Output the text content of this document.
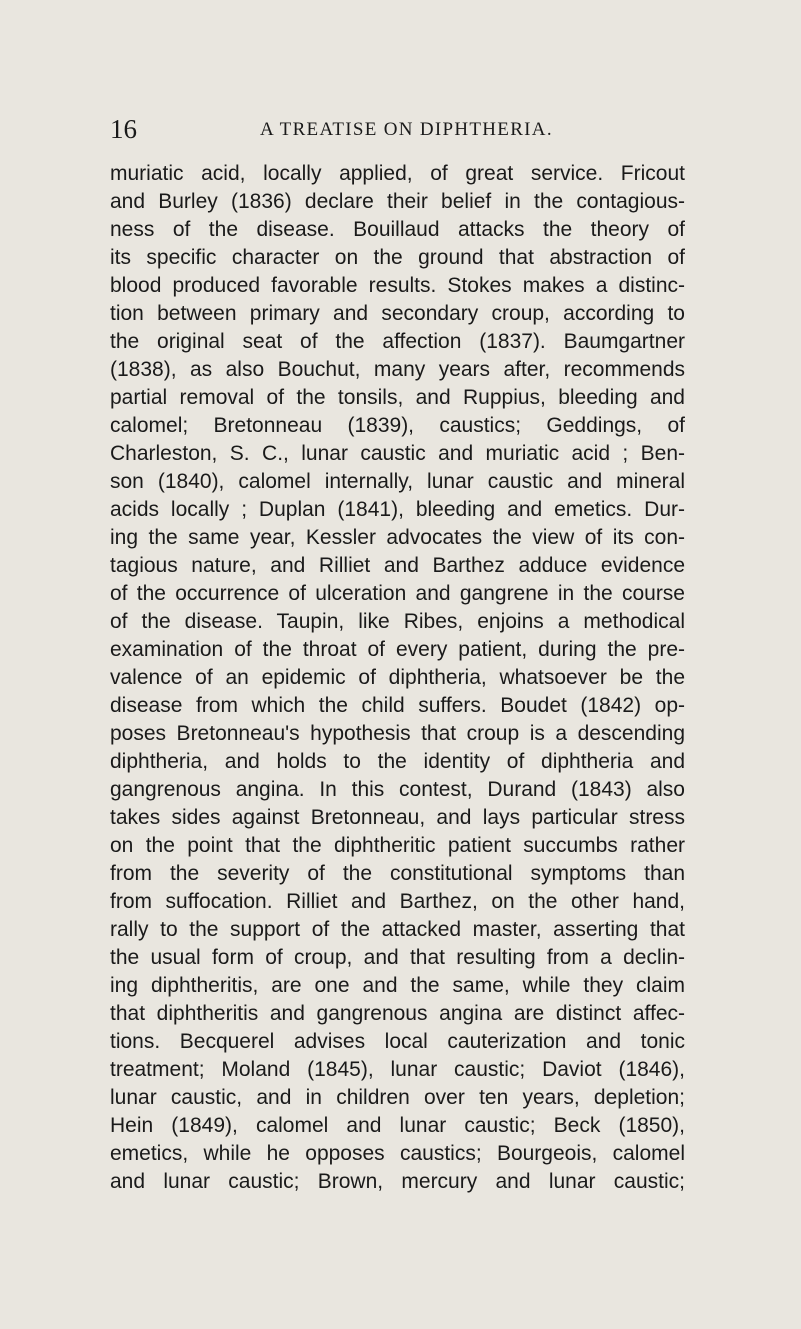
16	A TREATISE ON DIPHTHERIA.
muriatic acid, locally applied, of great service. Fricout
and Burley (1836) declare their belief in the contagious-
ness of the disease. Bouillaud attacks the theory of
its specific character on the ground that abstraction of
blood produced favorable results. Stokes makes a distinc-
tion between primary and secondary croup, according to
the original seat of the affection (1837). Baumgartner
(1838), as also Bouchut, many years after, recommends
partial removal of the tonsils, and Ruppius, bleeding and
calomel; Bretonneau (1839), caustics; Geddings, of
Charleston, S. C., lunar caustic and muriatic acid ; Ben-
son (1840), calomel internally, lunar caustic and mineral
acids locally ; Duplan (1841), bleeding and emetics. Dur-
ing the same year, Kessler advocates the view of its con-
tagious nature, and Rilliet and Barthez adduce evidence
of the occurrence of ulceration and gangrene in the course
of the disease. Taupin, like Ribes, enjoins a methodical
examination of the throat of every patient, during the pre-
valence of an epidemic of diphtheria, whatsoever be the
disease from which the child suffers. Boudet (1842) op-
poses Bretonneau's hypothesis that croup is a descending
diphtheria, and holds to the identity of diphtheria and
gangrenous angina. In this contest, Durand (1843) also
takes sides against Bretonneau, and lays particular stress
on the point that the diphtheritic patient succumbs rather
from the severity of the constitutional symptoms than
from suffocation. Rilliet and Barthez, on the other hand,
rally to the support of the attacked master, asserting that
the usual form of croup, and that resulting from a declin-
ing diphtheritis, are one and the same, while they claim
that diphtheritis and gangrenous angina are distinct affec-
tions. Becquerel advises local cauterization and tonic
treatment; Moland (1845), lunar caustic; Daviot (1846),
lunar caustic, and in children over ten years, depletion;
Hein (1849), calomel and lunar caustic; Beck (1850),
emetics, while he opposes caustics; Bourgeois, calomel
and lunar caustic; Brown, mercury and lunar caustic;
